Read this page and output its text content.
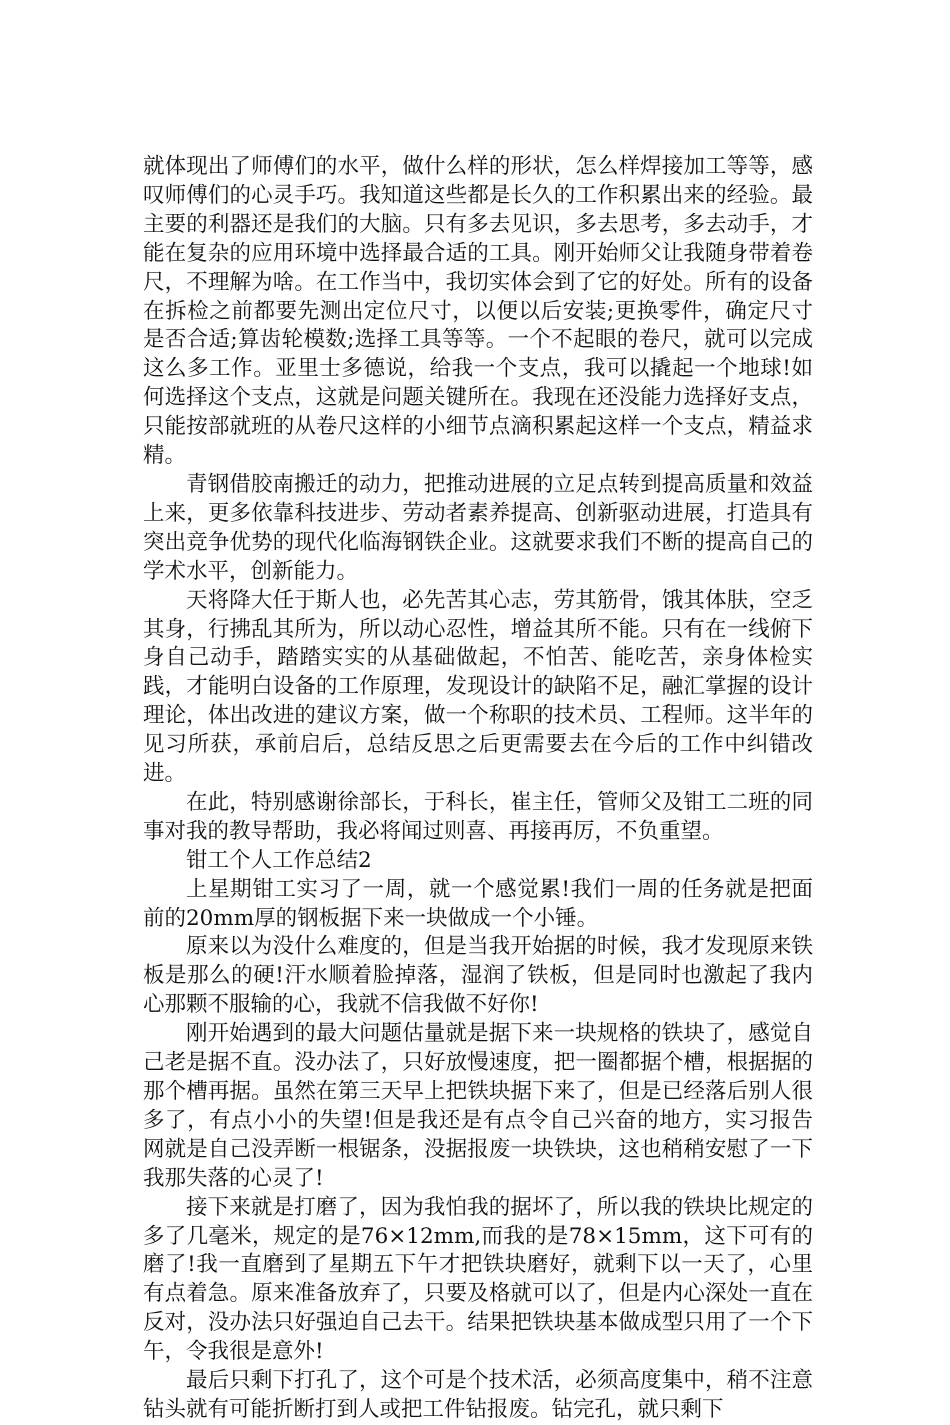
就体现出了师傅们的水平，做什么样的形状，怎么样焊接加工等等，感叹师傅们的心灵手巧。我知道这些都是长久的工作积累出来的经验。最主要的利器还是我们的大脑。只有多去见识，多去思考，多去动手，才能在复杂的应用环境中选择最合适的工具。刚开始师父让我随身带着卷尺，不理解为啥。在工作当中，我切实体会到了它的好处。所有的设备在拆检之前都要先测出定位尺寸，以便以后安装;更换零件，确定尺寸是否合适;算齿轮模数;选择工具等等。一个不起眼的卷尺，就可以完成这么多工作。亚里士多德说，给我一个支点，我可以撬起一个地球!如何选择这个支点，这就是问题关键所在。我现在还没能力选择好支点，只能按部就班的从卷尺这样的小细节点滴积累起这样一个支点，精益求精。

青钢借胶南搬迁的动力，把推动进展的立足点转到提高质量和效益上来，更多依靠科技进步、劳动者素养提高、创新驱动进展，打造具有突出竞争优势的现代化临海钢铁企业。这就要求我们不断的提高自己的学术水平，创新能力。

天将降大任于斯人也，必先苦其心志，劳其筋骨，饿其体肤，空乏其身，行拂乱其所为，所以动心忍性，增益其所不能。只有在一线俯下身自己动手，踏踏实实的从基础做起，不怕苦、能吃苦，亲身体检实践，才能明白设备的工作原理，发现设计的缺陷不足，融汇掌握的设计理论，体出改进的建议方案，做一个称职的技术员、工程师。这半年的见习所获，承前启后，总结反思之后更需要去在今后的工作中纠错改进。

在此，特别感谢徐部长，于科长，崔主任，管师父及钳工二班的同事对我的教导帮助，我必将闻过则喜、再接再厉，不负重望。

钳工个人工作总结2

上星期钳工实习了一周，就一个感觉累!我们一周的任务就是把面前的20mm厚的钢板据下来一块做成一个小锤。

原来以为没什么难度的，但是当我开始据的时候，我才发现原来铁板是那么的硬!汗水顺着脸掉落，湿润了铁板，但是同时也激起了我内心那颗不服输的心，我就不信我做不好你!

刚开始遇到的最大问题估量就是据下来一块规格的铁块了，感觉自己老是据不直。没办法了，只好放慢速度，把一圈都据个槽，根据据的那个槽再据。虽然在第三天早上把铁块据下来了，但是已经落后别人很多了，有点小小的失望!但是我还是有点令自己兴奋的地方，实习报告网就是自己没弄断一根锯条，没据报废一块铁块，这也稍稍安慰了一下我那失落的心灵了!

接下来就是打磨了，因为我怕我的据坏了，所以我的铁块比规定的多了几毫米，规定的是76×12mm,而我的是78×15mm，这下可有的磨了!我一直磨到了星期五下午才把铁块磨好，就剩下以一天了，心里有点着急。原来准备放弃了，只要及格就可以了，但是内心深处一直在反对，没办法只好强迫自己去干。结果把铁块基本做成型只用了一个下午，令我很是意外!

最后只剩下打孔了，这个可是个技术活，必须高度集中，稍不注意钻头就有可能折断打到人或把工件钻报废。钻完孔，就只剩下
